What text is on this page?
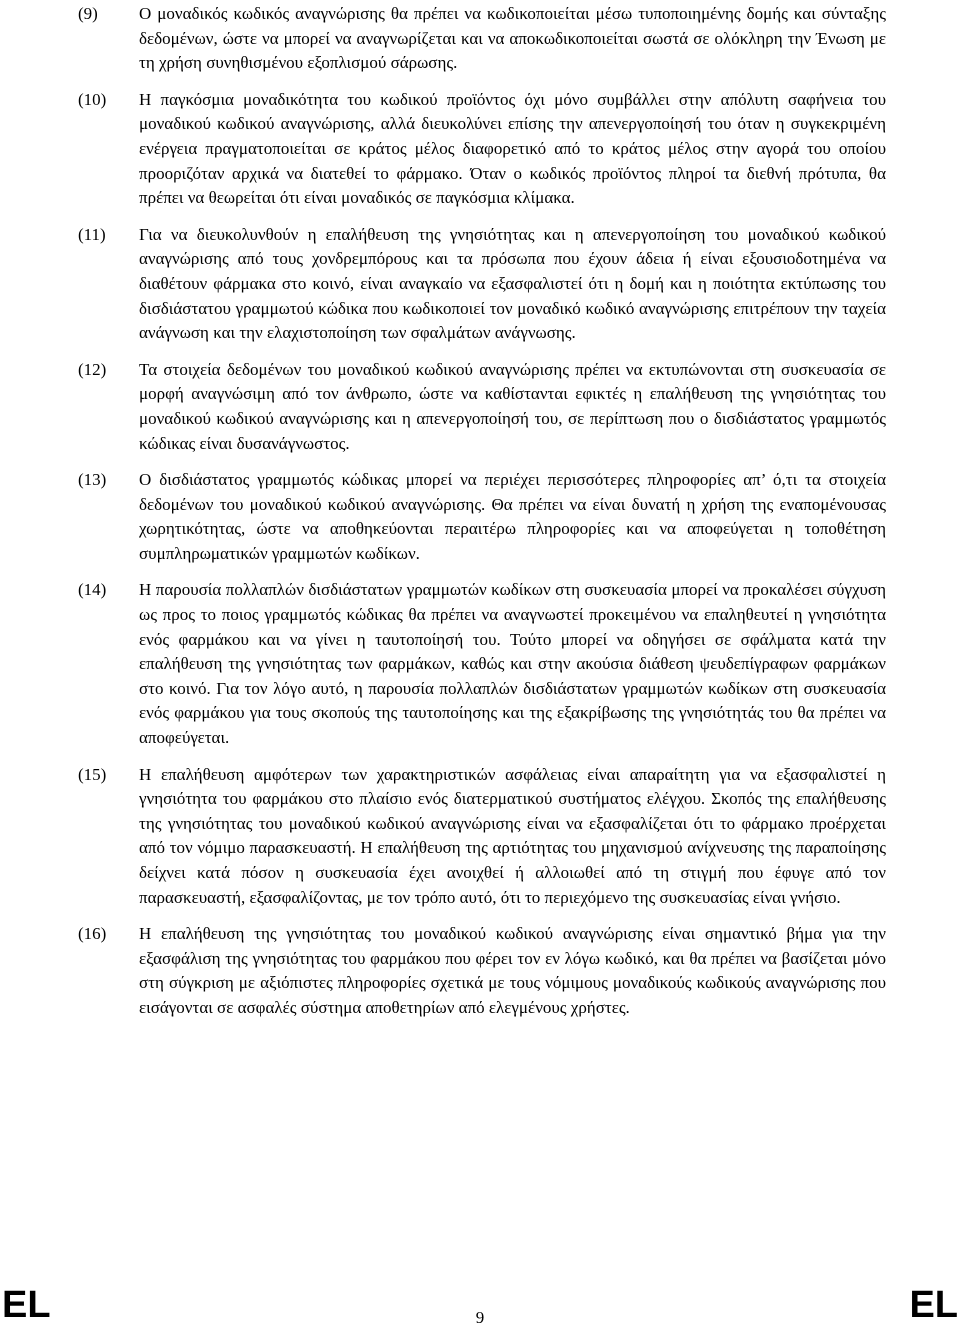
(9)	Ο μοναδικός κωδικός αναγνώρισης θα πρέπει να κωδικοποιείται μέσω τυποποιημένης δομής και σύνταξης δεδομένων, ώστε να μπορεί να αναγνωρίζεται και να αποκωδικοποιείται σωστά σε ολόκληρη την Ένωση με τη χρήση συνηθισμένου εξοπλισμού σάρωσης.
(10)	Η παγκόσμια μοναδικότητα του κωδικού προϊόντος όχι μόνο συμβάλλει στην απόλυτη σαφήνεια του μοναδικού κωδικού αναγνώρισης, αλλά διευκολύνει επίσης την απενεργοποίησή του όταν η συγκεκριμένη ενέργεια πραγματοποιείται σε κράτος μέλος διαφορετικό από το κράτος μέλος στην αγορά του οποίου προοριζόταν αρχικά να διατεθεί το φάρμακο. Όταν ο κωδικός προϊόντος πληροί τα διεθνή πρότυπα, θα πρέπει να θεωρείται ότι είναι μοναδικός σε παγκόσμια κλίμακα.
(11)	Για να διευκολυνθούν η επαλήθευση της γνησιότητας και η απενεργοποίηση του μοναδικού κωδικού αναγνώρισης από τους χονδρεμπόρους και τα πρόσωπα που έχουν άδεια ή είναι εξουσιοδοτημένα να διαθέτουν φάρμακα στο κοινό, είναι αναγκαίο να εξασφαλιστεί ότι η δομή και η ποιότητα εκτύπωσης του δισδιάστατου γραμμωτού κώδικα που κωδικοποιεί τον μοναδικό κωδικό αναγνώρισης επιτρέπουν την ταχεία ανάγνωση και την ελαχιστοποίηση των σφαλμάτων ανάγνωσης.
(12)	Τα στοιχεία δεδομένων του μοναδικού κωδικού αναγνώρισης πρέπει να εκτυπώνονται στη συσκευασία σε μορφή αναγνώσιμη από τον άνθρωπο, ώστε να καθίστανται εφικτές η επαλήθευση της γνησιότητας του μοναδικού κωδικού αναγνώρισης και η απενεργοποίησή του, σε περίπτωση που ο δισδιάστατος γραμμωτός κώδικας είναι δυσανάγνωστος.
(13)	Ο δισδιάστατος γραμμωτός κώδικας μπορεί να περιέχει περισσότερες πληροφορίες απ’ ό,τι τα στοιχεία δεδομένων του μοναδικού κωδικού αναγνώρισης. Θα πρέπει να είναι δυνατή η χρήση της εναπομένουσας χωρητικότητας, ώστε να αποθηκεύονται περαιτέρω πληροφορίες και να αποφεύγεται η τοποθέτηση συμπληρωματικών γραμμωτών κωδίκων.
(14)	Η παρουσία πολλαπλών δισδιάστατων γραμμωτών κωδίκων στη συσκευασία μπορεί να προκαλέσει σύγχυση ως προς το ποιος γραμμωτός κώδικας θα πρέπει να αναγνωστεί προκειμένου να επαληθευτεί η γνησιότητα ενός φαρμάκου και να γίνει η ταυτοποίησή του. Τούτο μπορεί να οδηγήσει σε σφάλματα κατά την επαλήθευση της γνησιότητας των φαρμάκων, καθώς και στην ακούσια διάθεση ψευδεπίγραφων φαρμάκων στο κοινό. Για τον λόγο αυτό, η παρουσία πολλαπλών δισδιάστατων γραμμωτών κωδίκων στη συσκευασία ενός φαρμάκου για τους σκοπούς της ταυτοποίησης και της εξακρίβωσης της γνησιότητάς του θα πρέπει να αποφεύγεται.
(15)	Η επαλήθευση αμφότερων των χαρακτηριστικών ασφάλειας είναι απαραίτητη για να εξασφαλιστεί η γνησιότητα του φαρμάκου στο πλαίσιο ενός διατερματικού συστήματος ελέγχου. Σκοπός της επαλήθευσης της γνησιότητας του μοναδικού κωδικού αναγνώρισης είναι να εξασφαλίζεται ότι το φάρμακο προέρχεται από τον νόμιμο παρασκευαστή. Η επαλήθευση της αρτιότητας του μηχανισμού ανίχνευσης της παραποίησης δείχνει κατά πόσον η συσκευασία έχει ανοιχθεί ή αλλοιωθεί από τη στιγμή που έφυγε από τον παρασκευαστή, εξασφαλίζοντας, με τον τρόπο αυτό, ότι το περιεχόμενο της συσκευασίας είναι γνήσιο.
(16)	Η επαλήθευση της γνησιότητας του μοναδικού κωδικού αναγνώρισης είναι σημαντικό βήμα για την εξασφάλιση της γνησιότητας του φαρμάκου που φέρει τον εν λόγω κωδικό, και θα πρέπει να βασίζεται μόνο στη σύγκριση με αξιόπιστες πληροφορίες σχετικά με τους νόμιμους μοναδικούς κωδικούς αναγνώρισης που εισάγονται σε ασφαλές σύστημα αποθετηρίων από ελεγμένους χρήστες.
EL	9	EL
